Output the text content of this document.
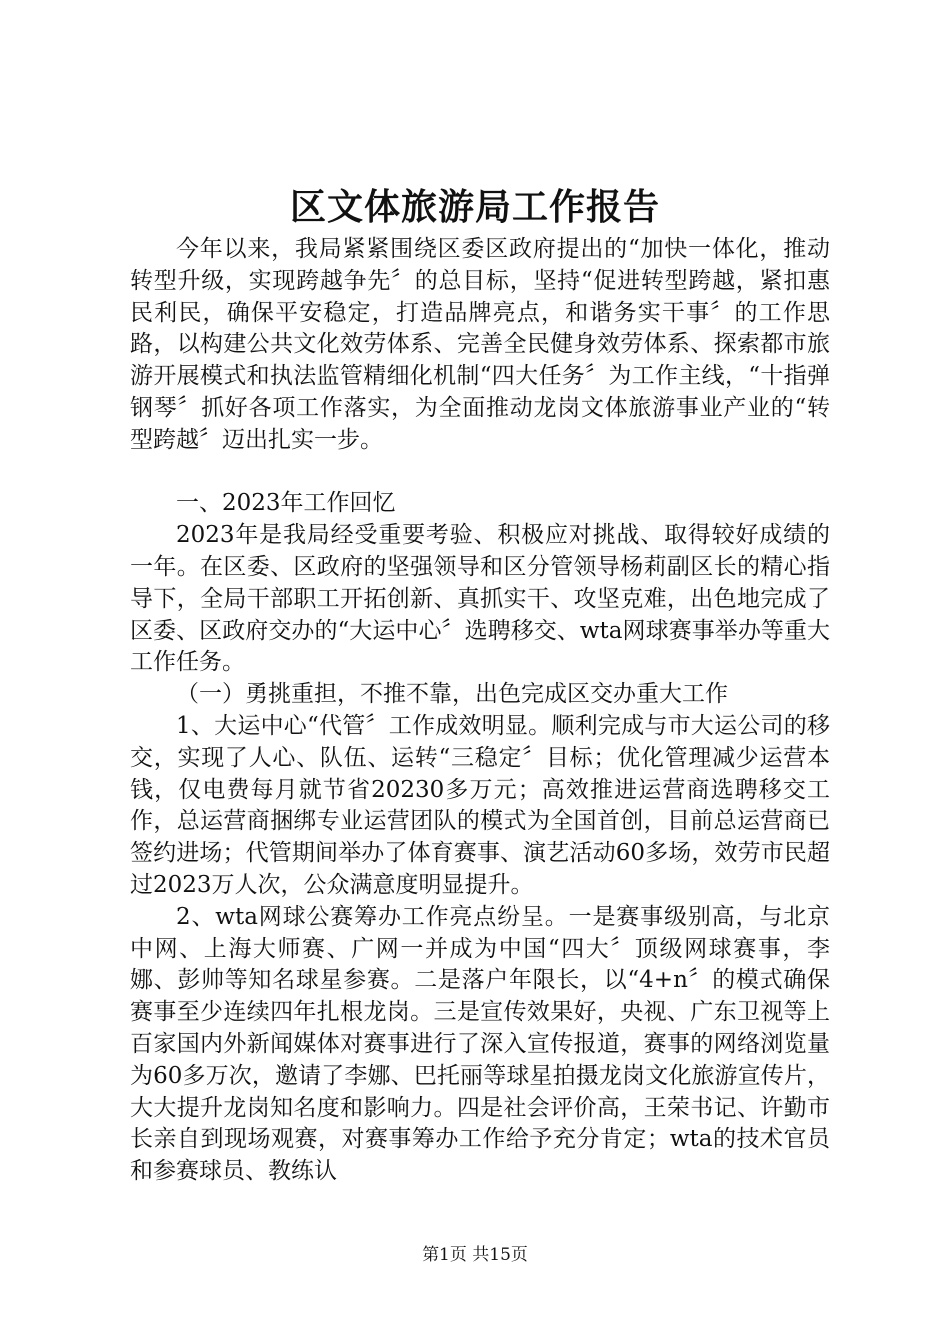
区文体旅游局工作报告

今年以来，我局紧紧围绕区委区政府提出的“加快一体化，推动转型升级，实现跨越争先〞的总目标，坚持“促进转型跨越，紧扣惠民利民，确保平安稳定，打造品牌亮点，和谐务实干事〞的工作思路，以构建公共文化效劳体系、完善全民健身效劳体系、探索都市旅游开展模式和执法监管精细化机制“四大任务〞为工作主线，“十指弹钢琴〞抓好各项工作落实，为全面推动龙岗文体旅游事业产业的“转型跨越〞迈出扎实一步。

一、2023年工作回忆

2023年是我局经受重要考验、积极应对挑战、取得较好成绩的一年。在区委、区政府的坚强领导和区分管领导杨莉副区长的精心指导下，全局干部职工开拓创新、真抓实干、攻坚克难，出色地完成了区委、区政府交办的“大运中心〞选聘移交、wta网球赛事举办等重大工作任务。

（一）勇挑重担，不推不靠，出色完成区交办重大工作

1、大运中心“代管〞工作成效明显。顺利完成与市大运公司的移交，实现了人心、队伍、运转“三稳定〞目标；优化管理减少运营本钱，仅电费每月就节省20230多万元；高效推进运营商选聘移交工作，总运营商捆绑专业运营团队的模式为全国首创，目前总运营商已签约进场；代管期间举办了体育赛事、演艺活动60多场，效劳市民超过2023万人次，公众满意度明显提升。

2、wta网球公赛筹办工作亮点纷呈。一是赛事级别高，与北京中网、上海大师赛、广网一并成为中国“四大〞顶级网球赛事，李娜、彭帅等知名球星参赛。二是落户年限长，以“4+n〞的模式确保赛事至少连续四年扎根龙岗。三是宣传效果好，央视、广东卫视等上百家国内外新闻媒体对赛事进行了深入宣传报道，赛事的网络浏览量为60多万次，邀请了李娜、巴托丽等球星拍摄龙岗文化旅游宣传片，大大提升龙岗知名度和影响力。四是社会评价高，王荣书记、许勤市长亲自到现场观赛，对赛事筹办工作给予充分肯定；wta的技术官员和参赛球员、教练认

第1页 共15页
